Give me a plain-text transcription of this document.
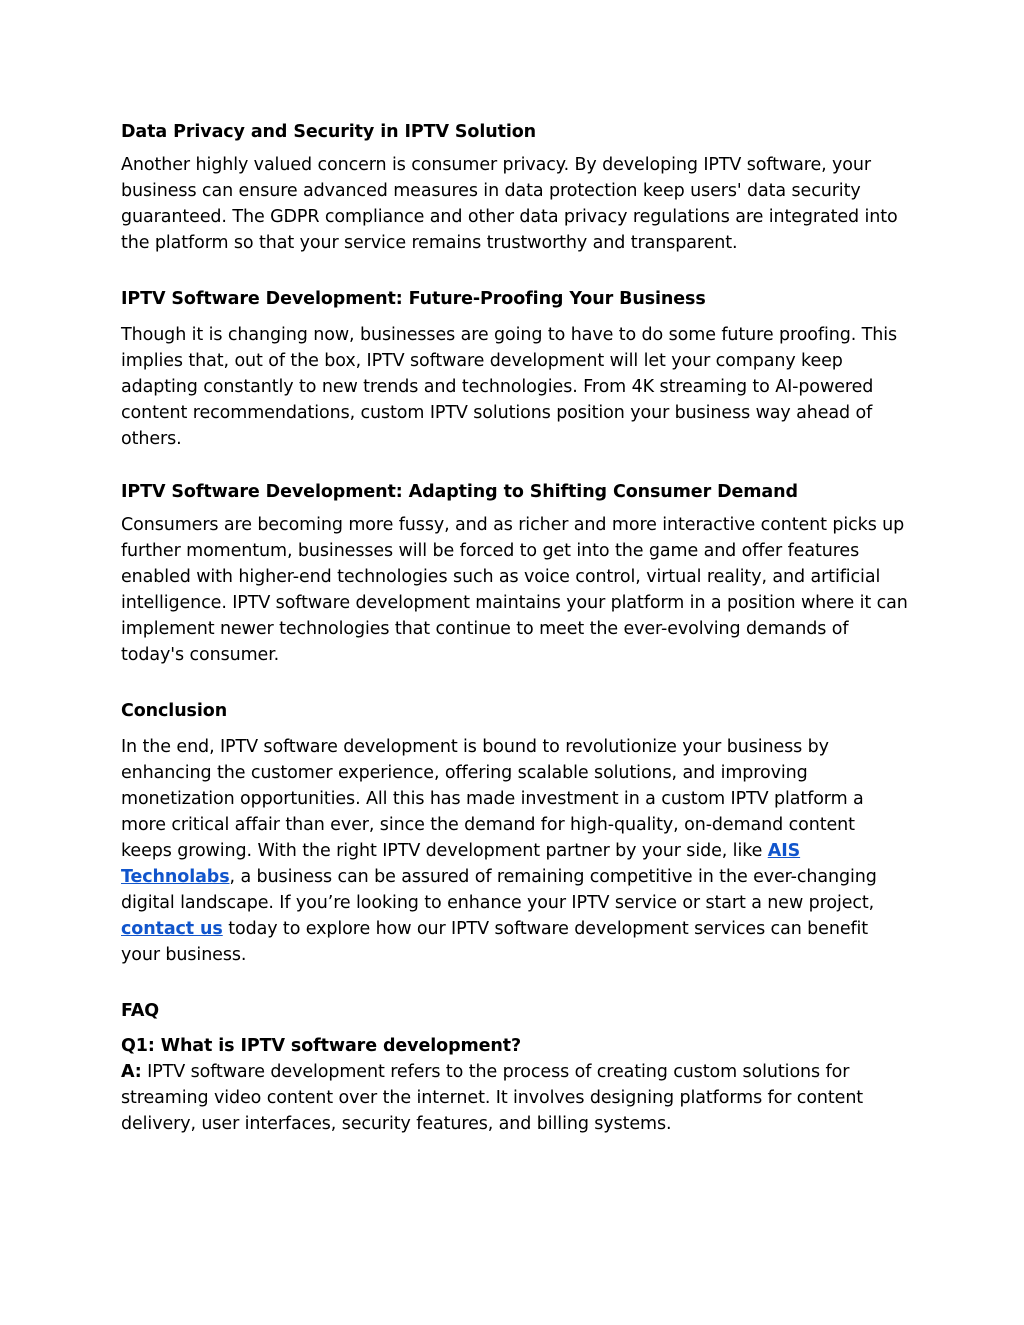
Data Privacy and Security in IPTV Solution

Another highly valued concern is consumer privacy. By developing IPTV software, your business can ensure advanced measures in data protection keep users' data security guaranteed. The GDPR compliance and other data privacy regulations are integrated into the platform so that your service remains trustworthy and transparent.

IPTV Software Development: Future-Proofing Your Business

Though it is changing now, businesses are going to have to do some future proofing. This implies that, out of the box, IPTV software development will let your company keep adapting constantly to new trends and technologies. From 4K streaming to AI-powered content recommendations, custom IPTV solutions position your business way ahead of others.

IPTV Software Development: Adapting to Shifting Consumer Demand

Consumers are becoming more fussy, and as richer and more interactive content picks up further momentum, businesses will be forced to get into the game and offer features enabled with higher-end technologies such as voice control, virtual reality, and artificial intelligence. IPTV software development maintains your platform in a position where it can implement newer technologies that continue to meet the ever-evolving demands of today's consumer.

Conclusion

In the end, IPTV software development is bound to revolutionize your business by enhancing the customer experience, offering scalable solutions, and improving monetization opportunities. All this has made investment in a custom IPTV platform a more critical affair than ever, since the demand for high-quality, on-demand content keeps growing. With the right IPTV development partner by your side, like AIS Technolabs, a business can be assured of remaining competitive in the ever-changing digital landscape. If you’re looking to enhance your IPTV service or start a new project, contact us today to explore how our IPTV software development services can benefit your business.

FAQ
Q1: What is IPTV software development?

A: IPTV software development refers to the process of creating custom solutions for streaming video content over the internet. It involves designing platforms for content delivery, user interfaces, security features, and billing systems.
